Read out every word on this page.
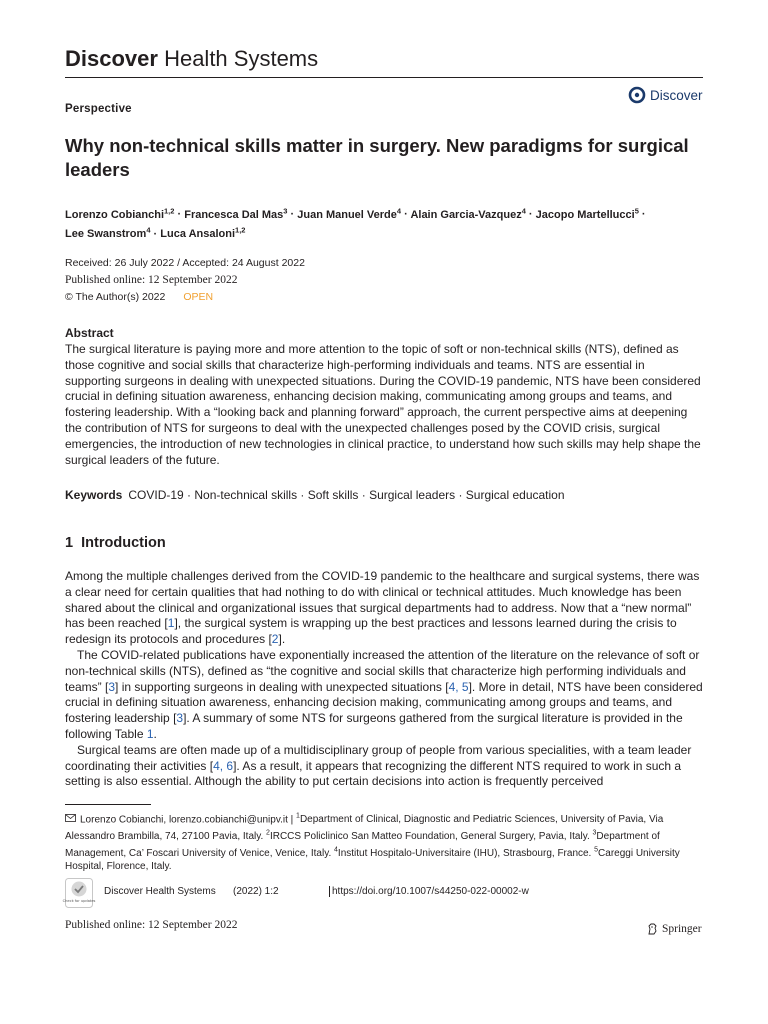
Discover Health Systems
Perspective
Discover
Why non-technical skills matter in surgery. New paradigms for surgical leaders
Lorenzo Cobianchi$^{1,2}$ · Francesca Dal Mas$^3$ · Juan Manuel Verde$^4$ · Alain Garcia-Vazquez$^4$ · Jacopo Martellucci$^5$ ·
Lee Swanstrom$^4$ · Luca Ansaloni$^{1,2}$
Received: 26 July 2022 / Accepted: 24 August 2022
Published online: 12 September 2022
© The Author(s) 2022 OPEN
Abstract
The surgical literature is paying more and more attention to the topic of soft or non-technical skills (NTS), defined as those cognitive and social skills that characterize high-performing individuals and teams. NTS are essential in supporting surgeons in dealing with unexpected situations. During the COVID-19 pandemic, NTS have been considered crucial in defining situation awareness, enhancing decision making, communicating among groups and teams, and fostering leadership. With a “looking back and planning forward” approach, the current perspective aims at deepening the contribution of NTS for surgeons to deal with the unexpected challenges posed by the COVID crisis, surgical emergencies, the introduction of new technologies in clinical practice, to understand how such skills may help shape the surgical leaders of the future.
Keywords COVID-19 · Non-technical skills · Soft skills · Surgical leaders · Surgical education
1 Introduction

Among the multiple challenges derived from the COVID-19 pandemic to the healthcare and surgical systems, there was a clear need for certain qualities that had nothing to do with clinical or technical attitudes. Much knowledge has been shared about the clinical and organizational issues that surgical departments had to address. Now that a “new normal” has been reached [1], the surgical system is wrapping up the best practices and lessons learned during the crisis to redesign its protocols and procedures [2].

The COVID-related publications have exponentially increased the attention of the literature on the relevance of soft or non-technical skills (NTS), defined as “the cognitive and social skills that characterize high performing individuals and teams” [3] in supporting surgeons in dealing with unexpected situations [4, 5]. More in detail, NTS have been considered crucial in defining situation awareness, enhancing decision making, communicating among groups and teams, and fostering leadership [3]. A summary of some NTS for surgeons gathered from the surgical literature is provided in the following Table 1.

Surgical teams are often made up of a multidisciplinary group of people from various specialities, with a team leader coordinating their activities [4, 6]. As a result, it appears that recognizing the different NTS required to work in such a setting is also essential. Although the ability to put certain decisions into action is frequently perceived

Lorenzo Cobianchi, lorenzo.cobianchi@unipv.it | $^1$Department of Clinical, Diagnostic and Pediatric Sciences, University of Pavia, Via Alessandro Brambilla, 74, 27100 Pavia, Italy. $^2$IRCCS Policlinico San Matteo Foundation, General Surgery, Pavia, Italy. $^3$Department of Management, Ca’ Foscari University of Venice, Venice, Italy. $^4$Institut Hospitalo-Universitaire (IHU), Strasbourg, France. $^5$Careggi University Hospital, Florence, Italy.
Check for updates
Discover Health Systems (2022) 1:2	https://doi.org/10.1007/s44250-022-00002-w
Published online: 12 September 2022	Springer
